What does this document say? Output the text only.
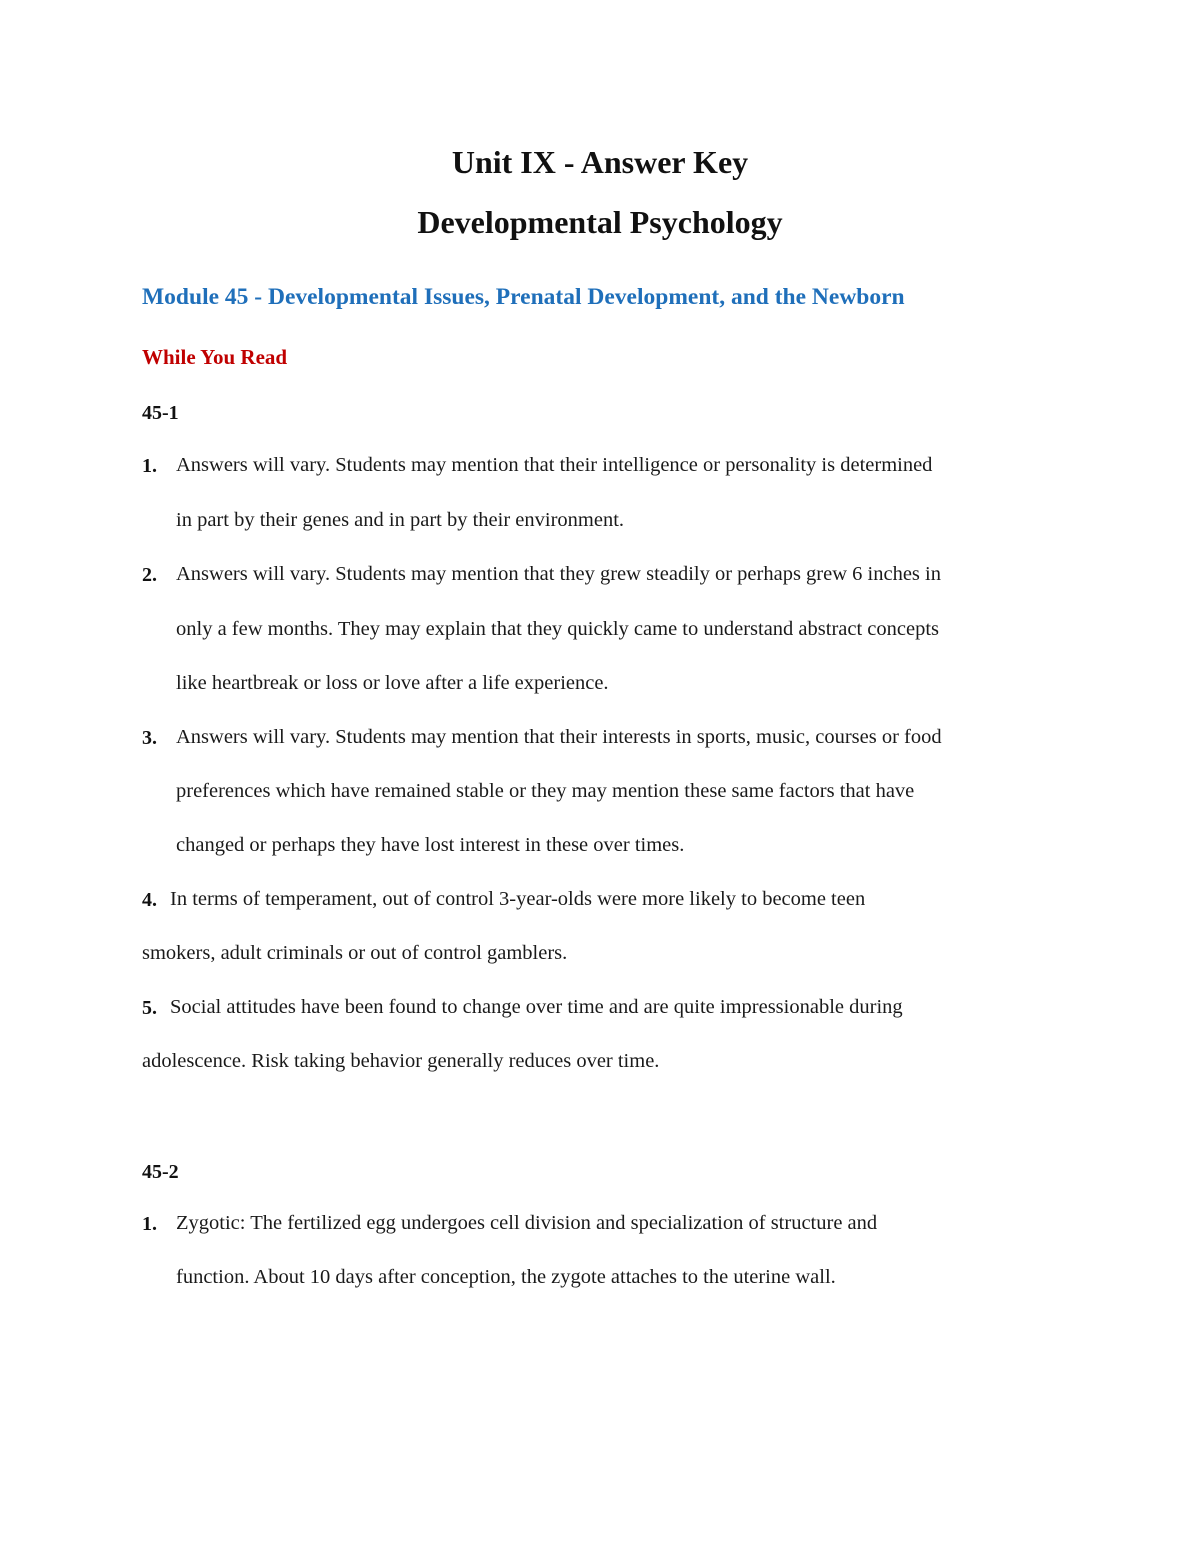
Unit IX - Answer Key
Developmental Psychology
Module 45 - Developmental Issues, Prenatal Development, and the Newborn
While You Read
45-1
1. Answers will vary. Students may mention that their intelligence or personality is determined
in part by their genes and in part by their environment.
2. Answers will vary. Students may mention that they grew steadily or perhaps grew 6 inches in
only a few months. They may explain that they quickly came to understand abstract concepts
like heartbreak or loss or love after a life experience.
3. Answers will vary. Students may mention that their interests in sports, music, courses or food
preferences which have remained stable or they may mention these same factors that have
changed or perhaps they have lost interest in these over times.
4. In terms of temperament, out of control 3-year-olds were more likely to become teen
smokers, adult criminals or out of control gamblers.
5. Social attitudes have been found to change over time and are quite impressionable during
adolescence. Risk taking behavior generally reduces over time.
45-2
1. Zygotic: The fertilized egg undergoes cell division and specialization of structure and
function. About 10 days after conception, the zygote attaches to the uterine wall.
